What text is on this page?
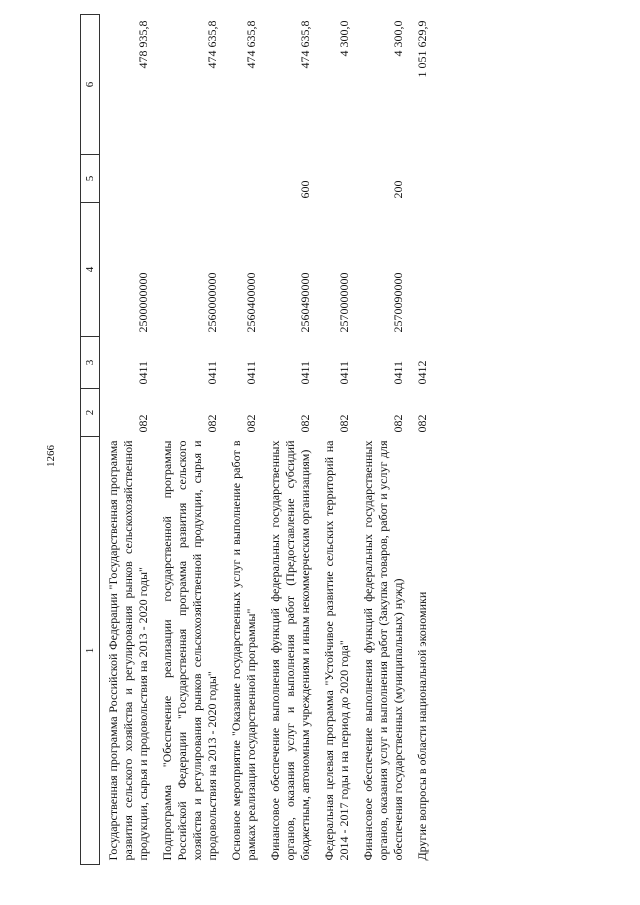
1266
1	2	3	4	5	6
Государственная программа Российской Федерации "Государственная программа развития сельского хозяйства и регулирования рынков сельскохозяйственной продукции, сырья и продовольствия на 2013 - 2020 годы"	082	0411	2500000000		478 935,8
Подпрограмма "Обеспечение реализации государственной программы Российской Федерации "Государственная программа развития сельского хозяйства и регулирования рынков сельскохозяйственной продукции, сырья и продовольствия на 2013 - 2020 годы"	082	0411	2560000000		474 635,8
Основное мероприятие "Оказание государственных услуг и выполнение работ в рамках реализации государственной программы"	082	0411	2560400000		474 635,8
Финансовое обеспечение выполнения функций федеральных государственных органов, оказания услуг и выполнения работ (Предоставление субсидий бюджетным, автономным учреждениям и иным некоммерческим организациям)	082	0411	2560490000	600	474 635,8
Федеральная целевая программа "Устойчивое развитие сельских территорий на 2014 - 2017 годы и на период до 2020 года"	082	0411	2570000000		4 300,0
Финансовое обеспечение выполнения функций федеральных государственных органов, оказания услуг и выполнения работ (Закупка товаров, работ и услуг для обеспечения государственных (муниципальных) нужд)	082	0411	2570090000	200	4 300,0
Другие вопросы в области национальной экономики	082	0412			1 051 629,9
